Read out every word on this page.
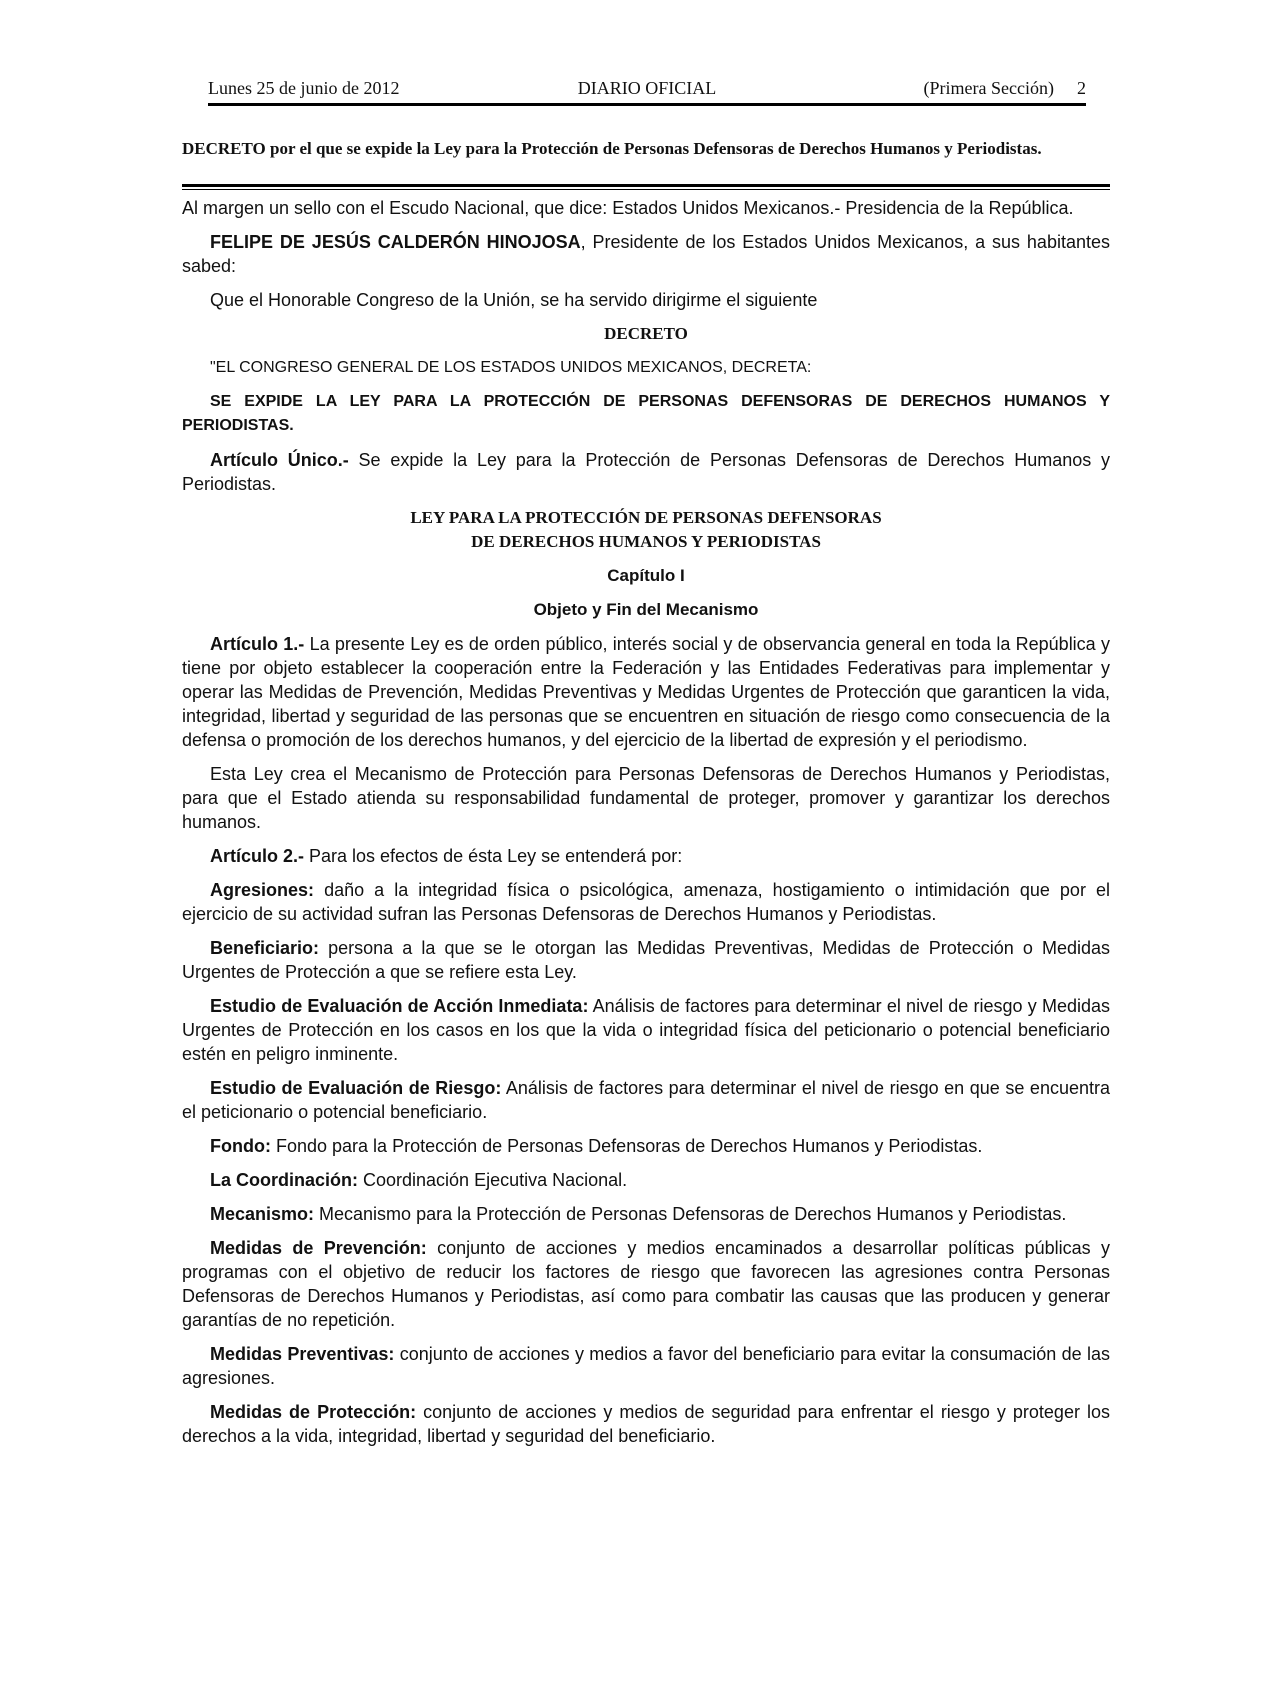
Lunes 25 de junio de 2012	DIARIO OFICIAL	(Primera Sección) 2
DECRETO por el que se expide la Ley para la Protección de Personas Defensoras de Derechos Humanos y Periodistas.

Al margen un sello con el Escudo Nacional, que dice: Estados Unidos Mexicanos.- Presidencia de la República.

FELIPE DE JESÚS CALDERÓN HINOJOSA, Presidente de los Estados Unidos Mexicanos, a sus habitantes sabed:

Que el Honorable Congreso de la Unión, se ha servido dirigirme el siguiente

DECRETO

"EL CONGRESO GENERAL DE LOS ESTADOS UNIDOS MEXICANOS, DECRETA:

SE EXPIDE LA LEY PARA LA PROTECCIÓN DE PERSONAS DEFENSORAS DE DERECHOS HUMANOS Y PERIODISTAS.

Artículo Único.- Se expide la Ley para la Protección de Personas Defensoras de Derechos Humanos y Periodistas.

LEY PARA LA PROTECCIÓN DE PERSONAS DEFENSORAS
DE DERECHOS HUMANOS Y PERIODISTAS
Capítulo I
Objeto y Fin del Mecanismo

Artículo 1.- La presente Ley es de orden público, interés social y de observancia general en toda la República y tiene por objeto establecer la cooperación entre la Federación y las Entidades Federativas para implementar y operar las Medidas de Prevención, Medidas Preventivas y Medidas Urgentes de Protección que garanticen la vida, integridad, libertad y seguridad de las personas que se encuentren en situación de riesgo como consecuencia de la defensa o promoción de los derechos humanos, y del ejercicio de la libertad de expresión y el periodismo.

Esta Ley crea el Mecanismo de Protección para Personas Defensoras de Derechos Humanos y Periodistas, para que el Estado atienda su responsabilidad fundamental de proteger, promover y garantizar los derechos humanos.

Artículo 2.- Para los efectos de ésta Ley se entenderá por:

Agresiones: daño a la integridad física o psicológica, amenaza, hostigamiento o intimidación que por el ejercicio de su actividad sufran las Personas Defensoras de Derechos Humanos y Periodistas.

Beneficiario: persona a la que se le otorgan las Medidas Preventivas, Medidas de Protección o Medidas Urgentes de Protección a que se refiere esta Ley.

Estudio de Evaluación de Acción Inmediata: Análisis de factores para determinar el nivel de riesgo y Medidas Urgentes de Protección en los casos en los que la vida o integridad física del peticionario o potencial beneficiario estén en peligro inminente.

Estudio de Evaluación de Riesgo: Análisis de factores para determinar el nivel de riesgo en que se encuentra el peticionario o potencial beneficiario.

Fondo: Fondo para la Protección de Personas Defensoras de Derechos Humanos y Periodistas.

La Coordinación: Coordinación Ejecutiva Nacional.

Mecanismo: Mecanismo para la Protección de Personas Defensoras de Derechos Humanos y Periodistas.

Medidas de Prevención: conjunto de acciones y medios encaminados a desarrollar políticas públicas y programas con el objetivo de reducir los factores de riesgo que favorecen las agresiones contra Personas Defensoras de Derechos Humanos y Periodistas, así como para combatir las causas que las producen y generar garantías de no repetición.

Medidas Preventivas: conjunto de acciones y medios a favor del beneficiario para evitar la consumación de las agresiones.

Medidas de Protección: conjunto de acciones y medios de seguridad para enfrentar el riesgo y proteger los derechos a la vida, integridad, libertad y seguridad del beneficiario.
